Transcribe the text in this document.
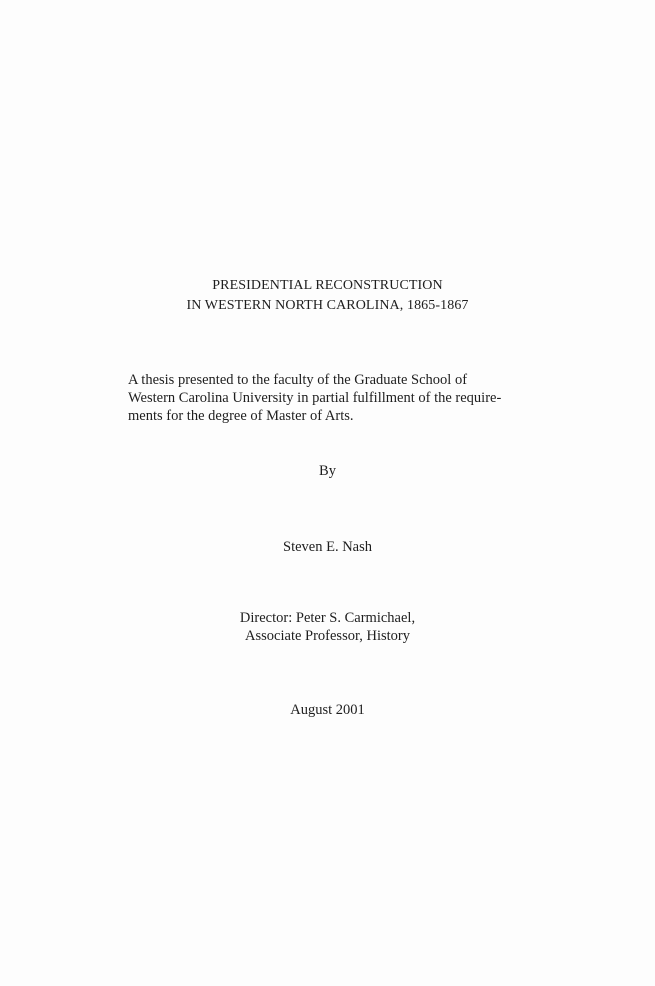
PRESIDENTIAL RECONSTRUCTION
IN WESTERN NORTH CAROLINA, 1865-1867
A thesis presented to the faculty of the Graduate School of
Western Carolina University in partial fulfillment of the require-
ments for the degree of Master of Arts.
By
Steven E. Nash
Director: Peter S. Carmichael,
Associate Professor, History
August 2001
